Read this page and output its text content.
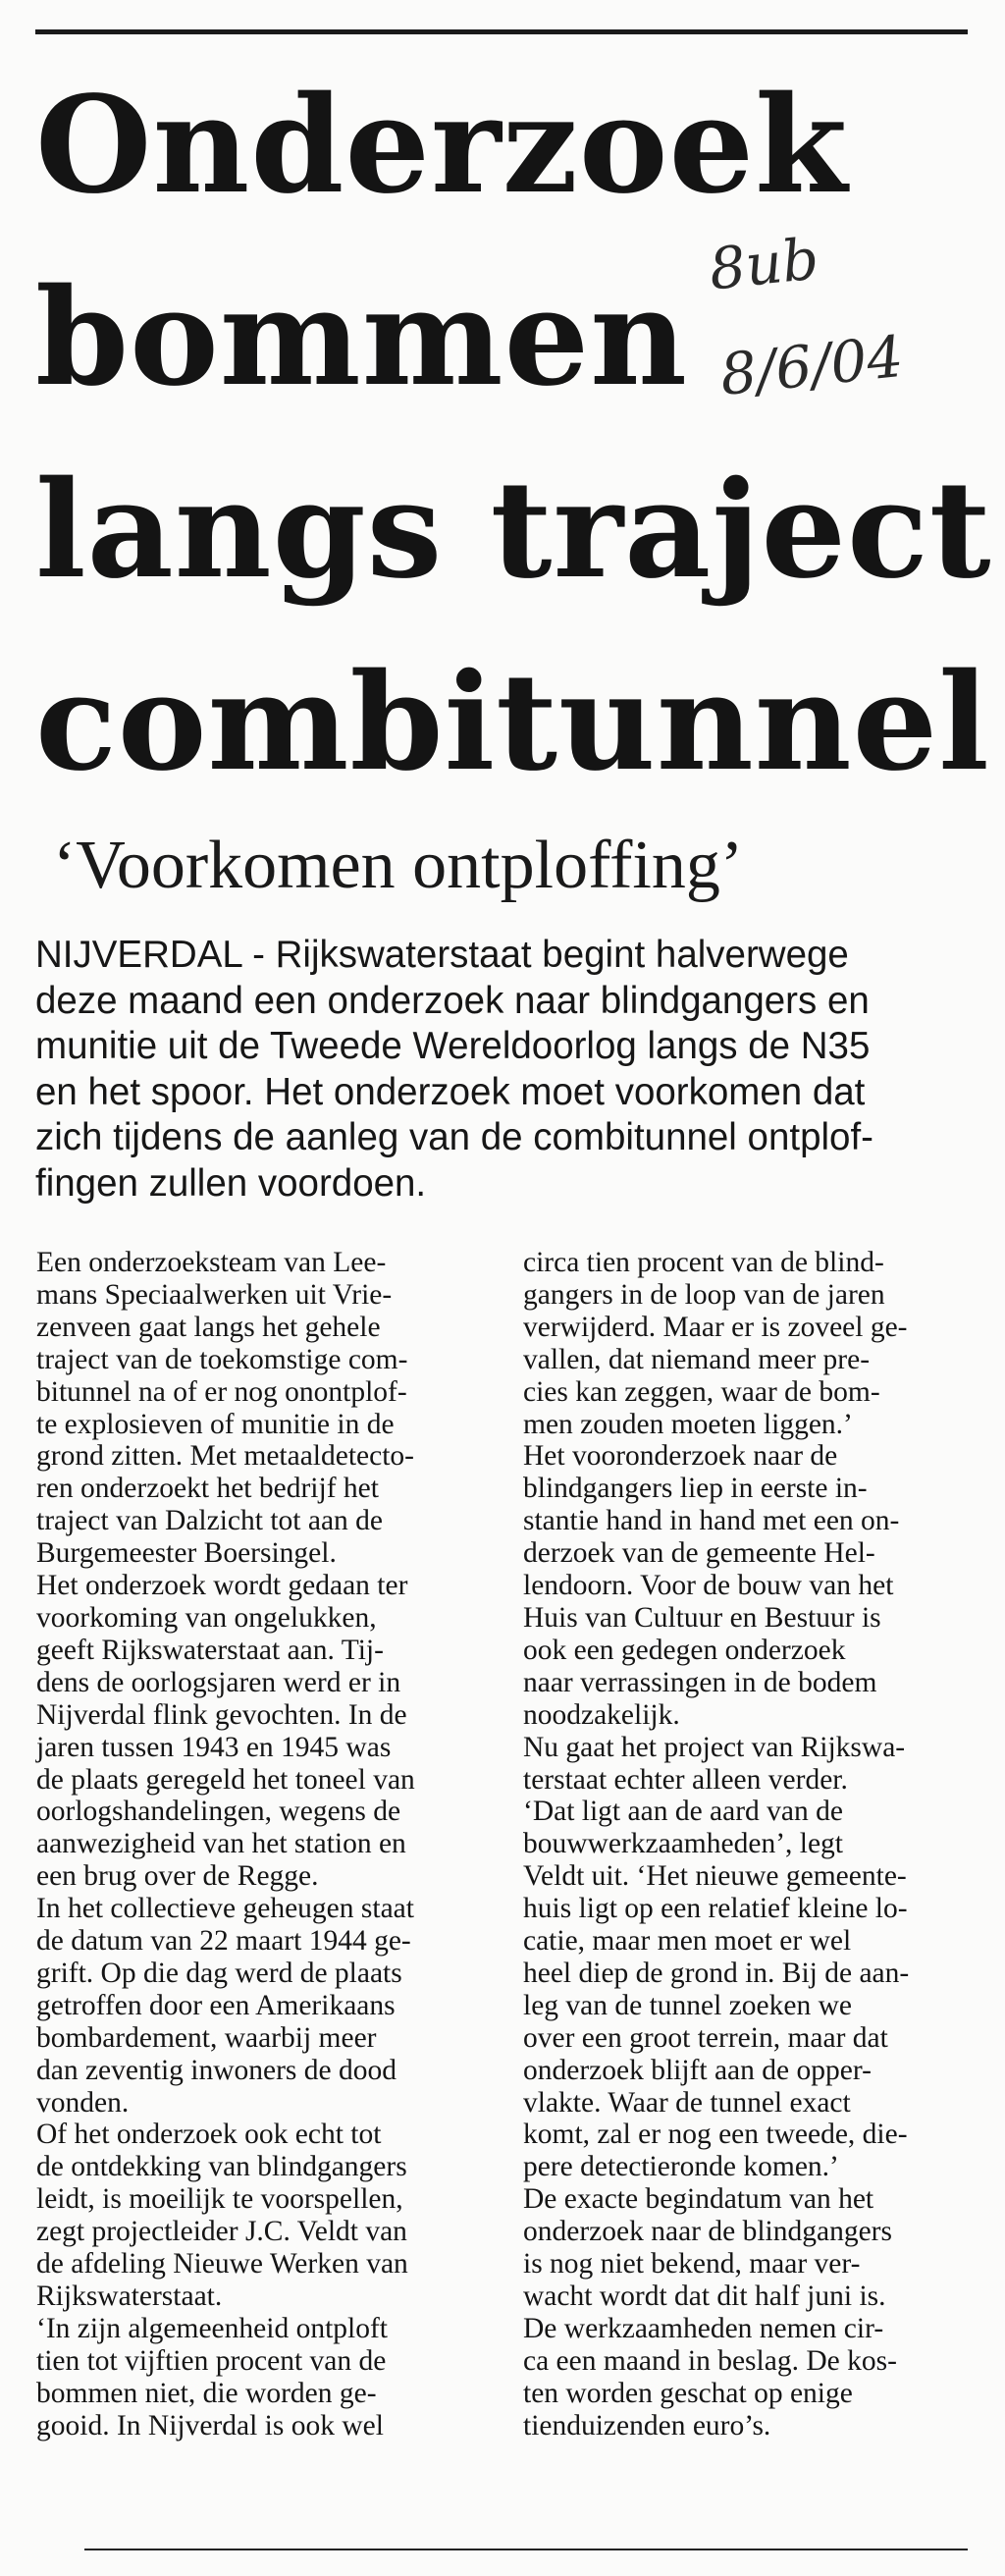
Onderzoek
bommen
langs traject
combitunnel
8ub
8/6/04
‘Voorkomen ontploffing’

NIJVERDAL - Rijkswaterstaat begint halverwege
deze maand een onderzoek naar blindgangers en
munitie uit de Tweede Wereldoorlog langs de N35
en het spoor. Het onderzoek moet voorkomen dat
zich tijdens de aanleg van de combitunnel ontplof-
fingen zullen voordoen.

Een onderzoeksteam van Lee-
mans Speciaalwerken uit Vrie-
zenveen gaat langs het gehele
traject van de toekomstige com-
bitunnel na of er nog onontplof-
te explosieven of munitie in de
grond zitten. Met metaaldetecto-
ren onderzoekt het bedrijf het
traject van Dalzicht tot aan de
Burgemeester Boersingel.
Het onderzoek wordt gedaan ter
voorkoming van ongelukken,
geeft Rijkswaterstaat aan. Tij-
dens de oorlogsjaren werd er in
Nijverdal flink gevochten. In de
jaren tussen 1943 en 1945 was
de plaats geregeld het toneel van
oorlogshandelingen, wegens de
aanwezigheid van het station en
een brug over de Regge.
In het collectieve geheugen staat
de datum van 22 maart 1944 ge-
grift. Op die dag werd de plaats
getroffen door een Amerikaans
bombardement, waarbij meer
dan zeventig inwoners de dood
vonden.
Of het onderzoek ook echt tot
de ontdekking van blindgangers
leidt, is moeilijk te voorspellen,
zegt projectleider J.C. Veldt van
de afdeling Nieuwe Werken van
Rijkswaterstaat.
‘In zijn algemeenheid ontploft
tien tot vijftien procent van de
bommen niet, die worden ge-
gooid. In Nijverdal is ook wel
circa tien procent van de blind-
gangers in de loop van de jaren
verwijderd. Maar er is zoveel ge-
vallen, dat niemand meer pre-
cies kan zeggen, waar de bom-
men zouden moeten liggen.’
Het vooronderzoek naar de
blindgangers liep in eerste in-
stantie hand in hand met een on-
derzoek van de gemeente Hel-
lendoorn. Voor de bouw van het
Huis van Cultuur en Bestuur is
ook een gedegen onderzoek
naar verrassingen in de bodem
noodzakelijk.
Nu gaat het project van Rijkswa-
terstaat echter alleen verder.
‘Dat ligt aan de aard van de
bouwwerkzaamheden’, legt
Veldt uit. ‘Het nieuwe gemeente-
huis ligt op een relatief kleine lo-
catie, maar men moet er wel
heel diep de grond in. Bij de aan-
leg van de tunnel zoeken we
over een groot terrein, maar dat
onderzoek blijft aan de opper-
vlakte. Waar de tunnel exact
komt, zal er nog een tweede, die-
pere detectieronde komen.’
De exacte begindatum van het
onderzoek naar de blindgangers
is nog niet bekend, maar ver-
wacht wordt dat dit half juni is.
De werkzaamheden nemen cir-
ca een maand in beslag. De kos-
ten worden geschat op enige
tienduizenden euro’s.
